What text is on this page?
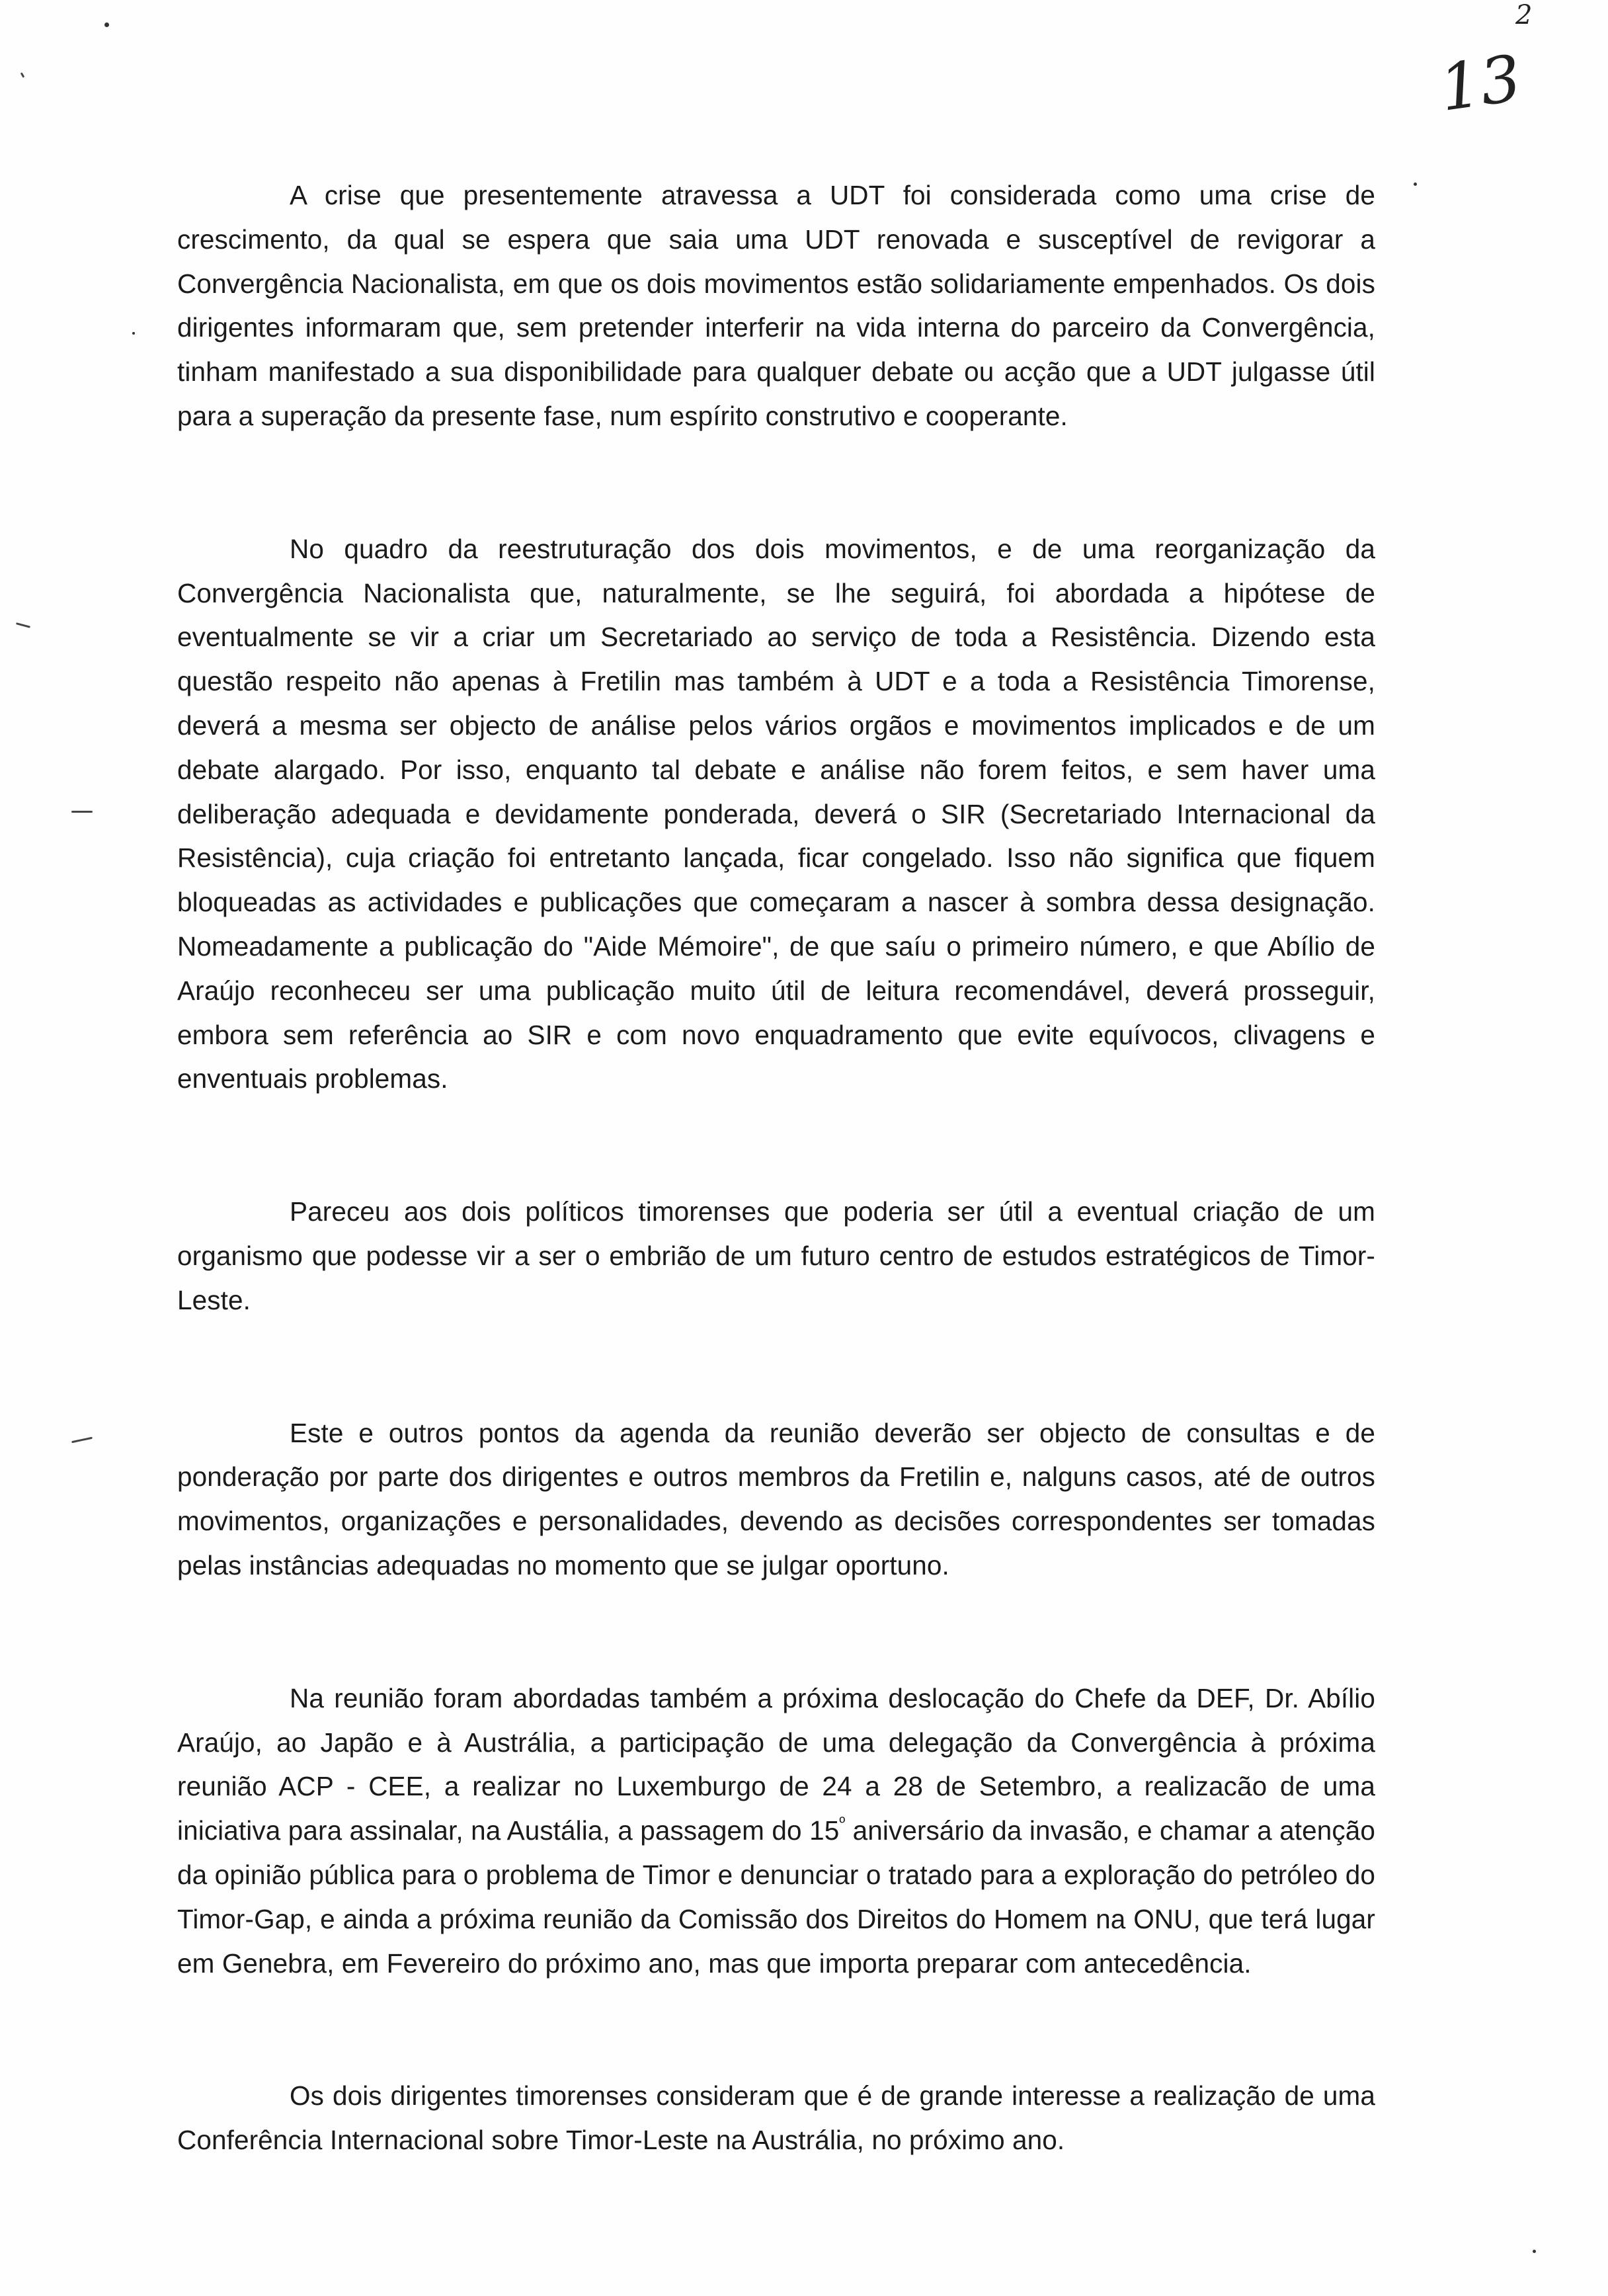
2
13

A crise que presentemente atravessa a UDT foi considerada como uma crise de crescimento, da qual se espera que saia uma UDT renovada e susceptível de revigorar a Convergência Nacionalista, em que os dois movimentos estão solidariamente empenhados. Os dois dirigentes informaram que, sem pretender interferir na vida interna do parceiro da Convergência, tinham manifestado a sua disponibilidade para qualquer debate ou acção que a UDT julgasse útil para a superação da presente fase, num espírito construtivo e cooperante.

No quadro da reestruturação dos dois movimentos, e de uma reorganização da Convergência Nacionalista que, naturalmente, se lhe seguirá, foi abordada a hipótese de eventualmente se vir a criar um Secretariado ao serviço de toda a Resistência. Dizendo esta questão respeito não apenas à Fretilin mas também à UDT e a toda a Resistência Timorense, deverá a mesma ser objecto de análise pelos vários orgãos e movimentos implicados e de um debate alargado. Por isso, enquanto tal debate e análise não forem feitos, e sem haver uma deliberação adequada e devidamente ponderada, deverá o SIR (Secretariado Internacional da Resistência), cuja criação foi entretanto lançada, ficar congelado. Isso não significa que fiquem bloqueadas as actividades e publicações que começaram a nascer à sombra dessa designação. Nomeadamente a publicação do "Aide Mémoire", de que saíu o primeiro número, e que Abílio de Araújo reconheceu ser uma publicação muito útil de leitura recomendável, deverá prosseguir, embora sem referência ao SIR e com novo enquadramento que evite equívocos, clivagens e enventuais problemas.

Pareceu aos dois políticos timorenses que poderia ser útil a eventual criação de um organismo que podesse vir a ser o embrião de um futuro centro de estudos estratégicos de Timor-Leste.

Este e outros pontos da agenda da reunião deverão ser objecto de consultas e de ponderação por parte dos dirigentes e outros membros da Fretilin e, nalguns casos, até de outros movimentos, organizações e personalidades, devendo as decisões correspondentes ser tomadas pelas instâncias adequadas no momento que se julgar oportuno.

Na reunião foram abordadas também a próxima deslocação do Chefe da DEF, Dr. Abílio Araújo, ao Japão e à Austrália, a participação de uma delegação da Convergência à próxima reunião ACP - CEE, a realizar no Luxemburgo de 24 a 28 de Setembro, a realizacão de uma iniciativa para assinalar, na Austália, a passagem do $15^º$ aniversário da invasão, e chamar a atenção da opinião pública para o problema de Timor e denunciar o tratado para a exploração do petróleo do Timor-Gap, e ainda a próxima reunião da Comissão dos Direitos do Homem na ONU, que terá lugar em Genebra, em Fevereiro do próximo ano, mas que importa preparar com antecedência.

Os dois dirigentes timorenses consideram que é de grande interesse a realização de uma Conferência Internacional sobre Timor-Leste na Austrália, no próximo ano.
